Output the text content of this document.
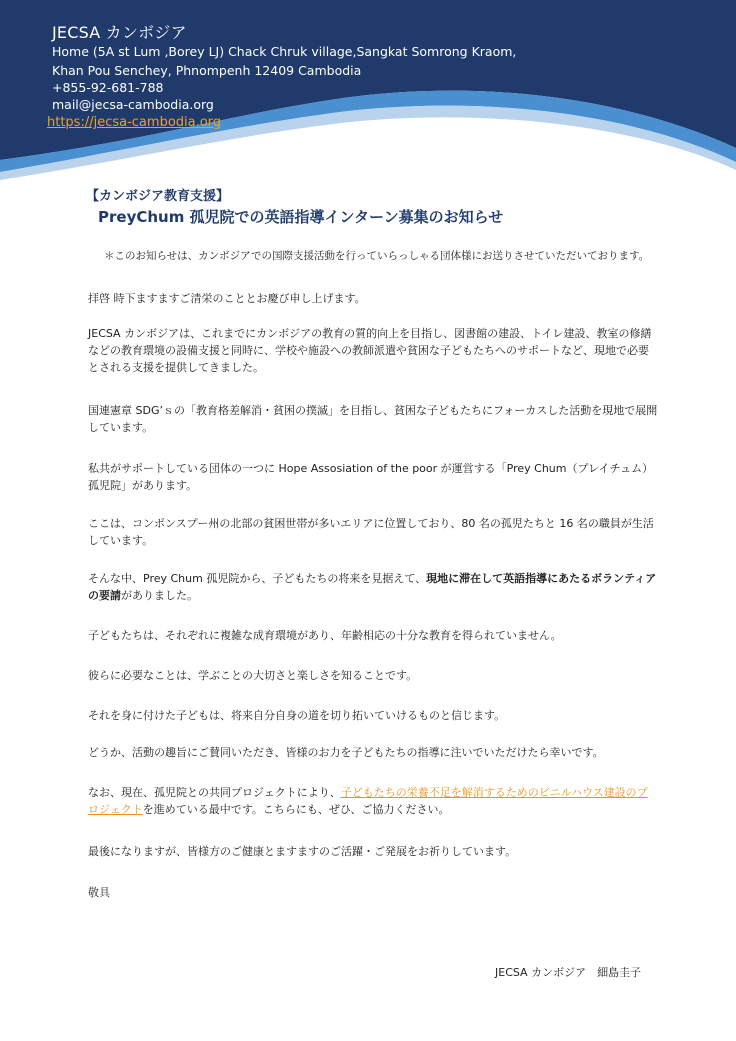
JECSA カンボジア
Home (5A st Lum ,Borey LJ) Chack Chruk village,Sangkat Somrong Kraom,
Khan Pou Senchey, Phnompenh 12409 Cambodia
+855-92-681-788
mail@jecsa-cambodia.org
https://jecsa-cambodia.org
【カンボジア教育支援】
PreyChum 孤児院での英語指導インターン募集のお知らせ
＊このお知らせは、カンボジアでの国際支援活動を行っていらっしゃる団体様にお送りさせていただいております。
拝啓 時下ますますご清栄のこととお慶び申し上げます。
JECSA カンボジアは、これまでにカンボジアの教育の質的向上を目指し、図書館の建設、トイレ建設、教室の修繕などの教育環境の設備支援と同時に、学校や施設への教師派遣や貧困な子どもたちへのサポートなど、現地で必要とされる支援を提供してきました。
国連憲章 SDG’ｓの「教育格差解消・貧困の撲滅」を目指し、貧困な子どもたちにフォーカスした活動を現地で展開しています。
私共がサポートしている団体の一つに Hope Assosiation of the poor が運営する「Prey Chum（プレイチュム）孤児院」があります。
ここは、コンポンスプー州の北部の貧困世帯が多いエリアに位置しており、80 名の孤児たちと 16 名の職員が生活しています。
そんな中、Prey Chum 孤児院から、子どもたちの将来を見据えて、現地に滞在して英語指導にあたるボランティアの要請がありました。
子どもたちは、それぞれに複雑な成育環境があり、年齢相応の十分な教育を得られていません。
彼らに必要なことは、学ぶことの大切さと楽しさを知ることです。
それを身に付けた子どもは、将来自分自身の道を切り拓いていけるものと信じます。
どうか、活動の趣旨にご賛同いただき、皆様のお力を子どもたちの指導に注いでいただけたら幸いです。
なお、現在、孤児院との共同プロジェクトにより、子どもたちの栄養不足を解消するためのビニルハウス建設のプロジェクトを進めている最中です。こちらにも、ぜひ、ご協力ください。
最後になりますが、皆様方のご健康とますますのご活躍・ご発展をお祈りしています。
敬具
JECSA カンボジア　細島圭子
